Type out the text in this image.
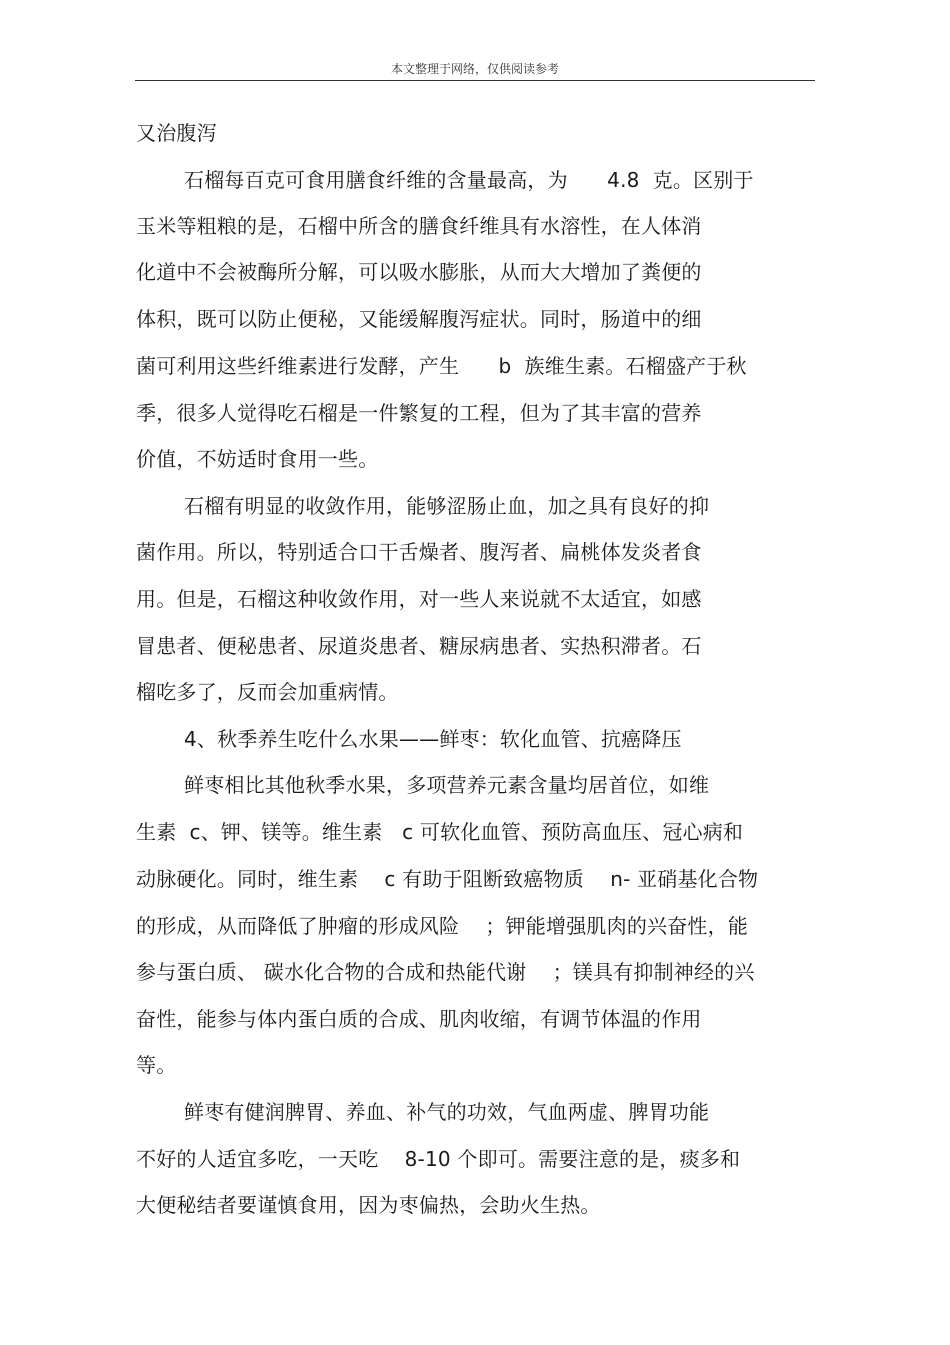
本文整理于网络，仅供阅读参考
又治腹泻
石榴每百克可食用膳食纤维的含量最高，为      4.8  克。区别于
玉米等粗粮的是，石榴中所含的膳食纤维具有水溶性，在人体消
化道中不会被酶所分解，可以吸水膨胀，从而大大增加了粪便的
体积，既可以防止便秘，又能缓解腹泻症状。同时，肠道中的细
菌可利用这些纤维素进行发酵，产生      b  族维生素。石榴盛产于秋
季，很多人觉得吃石榴是一件繁复的工程，但为了其丰富的营养
价值，不妨适时食用一些。
石榴有明显的收敛作用，能够涩肠止血，加之具有良好的抑
菌作用。所以，特别适合口干舌燥者、腹泻者、扁桃体发炎者食
用。但是，石榴这种收敛作用，对一些人来说就不太适宜，如感
冒患者、便秘患者、尿道炎患者、糖尿病患者、实热积滞者。石
榴吃多了，反而会加重病情。
4、秋季养生吃什么水果——鲜枣：软化血管、抗癌降压
鲜枣相比其他秋季水果，多项营养元素含量均居首位，如维
生素  c、钾、镁等。维生素   c 可软化血管、预防高血压、冠心病和
动脉硬化。同时，维生素    c 有助于阻断致癌物质    n- 亚硝基化合物
的形成，从而降低了肿瘤的形成风险    ；钾能增强肌肉的兴奋性，能
参与蛋白质、 碳水化合物的合成和热能代谢    ；镁具有抑制神经的兴
奋性，能参与体内蛋白质的合成、肌肉收缩，有调节体温的作用
等。
鲜枣有健润脾胃、养血、补气的功效，气血两虚、脾胃功能
不好的人适宜多吃，一天吃    8-10 个即可。需要注意的是，痰多和
大便秘结者要谨慎食用，因为枣偏热，会助火生热。
